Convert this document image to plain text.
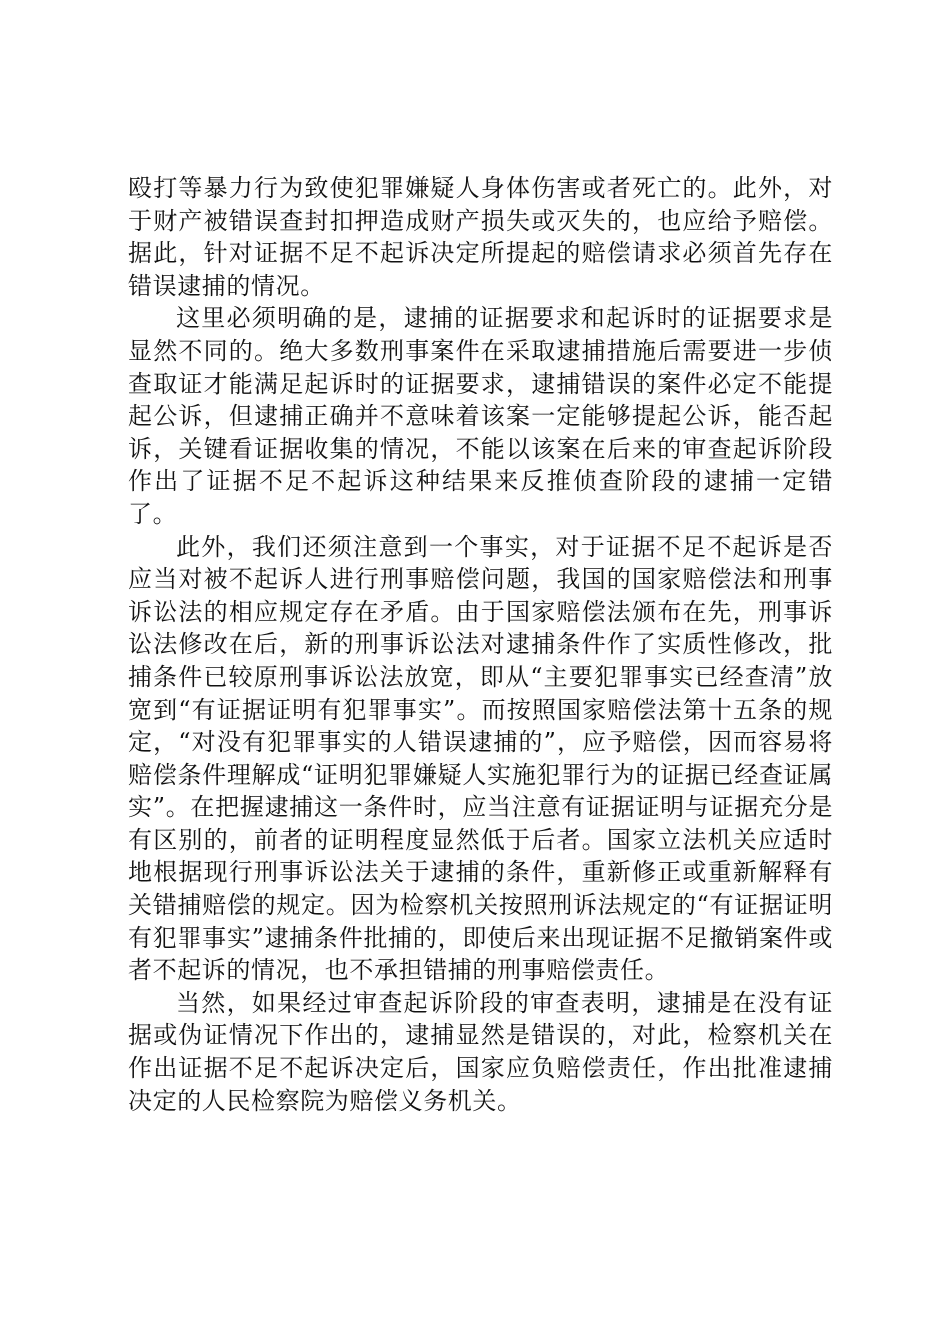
殴打等暴力行为致使犯罪嫌疑人身体伤害或者死亡的。此外，对于财产被错误查封扣押造成财产损失或灭失的，也应给予赔偿。据此，针对证据不足不起诉决定所提起的赔偿请求必须首先存在错误逮捕的情况。

这里必须明确的是，逮捕的证据要求和起诉时的证据要求是显然不同的。绝大多数刑事案件在采取逮捕措施后需要进一步侦查取证才能满足起诉时的证据要求，逮捕错误的案件必定不能提起公诉，但逮捕正确并不意味着该案一定能够提起公诉，能否起诉，关键看证据收集的情况，不能以该案在后来的审查起诉阶段作出了证据不足不起诉这种结果来反推侦查阶段的逮捕一定错了。

此外，我们还须注意到一个事实，对于证据不足不起诉是否应当对被不起诉人进行刑事赔偿问题，我国的国家赔偿法和刑事诉讼法的相应规定存在矛盾。由于国家赔偿法颁布在先，刑事诉讼法修改在后，新的刑事诉讼法对逮捕条件作了实质性修改，批捕条件已较原刑事诉讼法放宽，即从“主要犯罪事实已经查清”放宽到“有证据证明有犯罪事实”。而按照国家赔偿法第十五条的规定，“对没有犯罪事实的人错误逮捕的”，应予赔偿，因而容易将赔偿条件理解成“证明犯罪嫌疑人实施犯罪行为的证据已经查证属实”。在把握逮捕这一条件时，应当注意有证据证明与证据充分是有区别的，前者的证明程度显然低于后者。国家立法机关应适时地根据现行刑事诉讼法关于逮捕的条件，重新修正或重新解释有关错捕赔偿的规定。因为检察机关按照刑诉法规定的“有证据证明有犯罪事实”逮捕条件批捕的，即使后来出现证据不足撤销案件或者不起诉的情况，也不承担错捕的刑事赔偿责任。

当然，如果经过审查起诉阶段的审查表明，逮捕是在没有证据或伪证情况下作出的，逮捕显然是错误的，对此，检察机关在作出证据不足不起诉决定后，国家应负赔偿责任，作出批准逮捕决定的人民检察院为赔偿义务机关。
